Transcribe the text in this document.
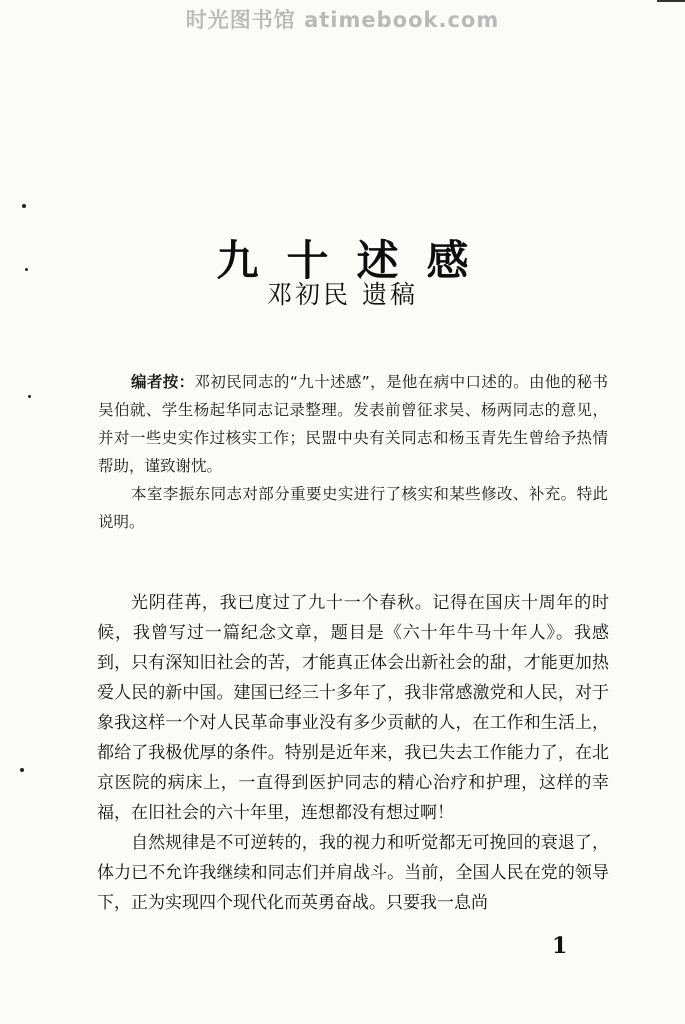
时光图书馆 atimebook.com
九十述感
邓初民 遗稿

编者按：邓初民同志的“九十述感”，是他在病中口述的。由他的秘书吴伯就、学生杨起华同志记录整理。发表前曾征求吴、杨两同志的意见，并对一些史实作过核实工作；民盟中央有关同志和杨玉青先生曾给予热情帮助，谨致谢忱。

本室李振东同志对部分重要史实进行了核实和某些修改、补充。特此说明。

光阴荏苒，我已度过了九十一个春秋。记得在国庆十周年的时候，我曾写过一篇纪念文章，题目是《六十年牛马十年人》。我感到，只有深知旧社会的苦，才能真正体会出新社会的甜，才能更加热爱人民的新中国。建国已经三十多年了，我非常感激党和人民，对于象我这样一个对人民革命事业没有多少贡献的人，在工作和生活上，都给了我极优厚的条件。特别是近年来，我已失去工作能力了，在北京医院的病床上，一直得到医护同志的精心治疗和护理，这样的幸福，在旧社会的六十年里，连想都没有想过啊！

自然规律是不可逆转的，我的视力和听觉都无可挽回的衰退了，体力已不允许我继续和同志们并肩战斗。当前，全国人民在党的领导下，正为实现四个现代化而英勇奋战。只要我一息尚

1
